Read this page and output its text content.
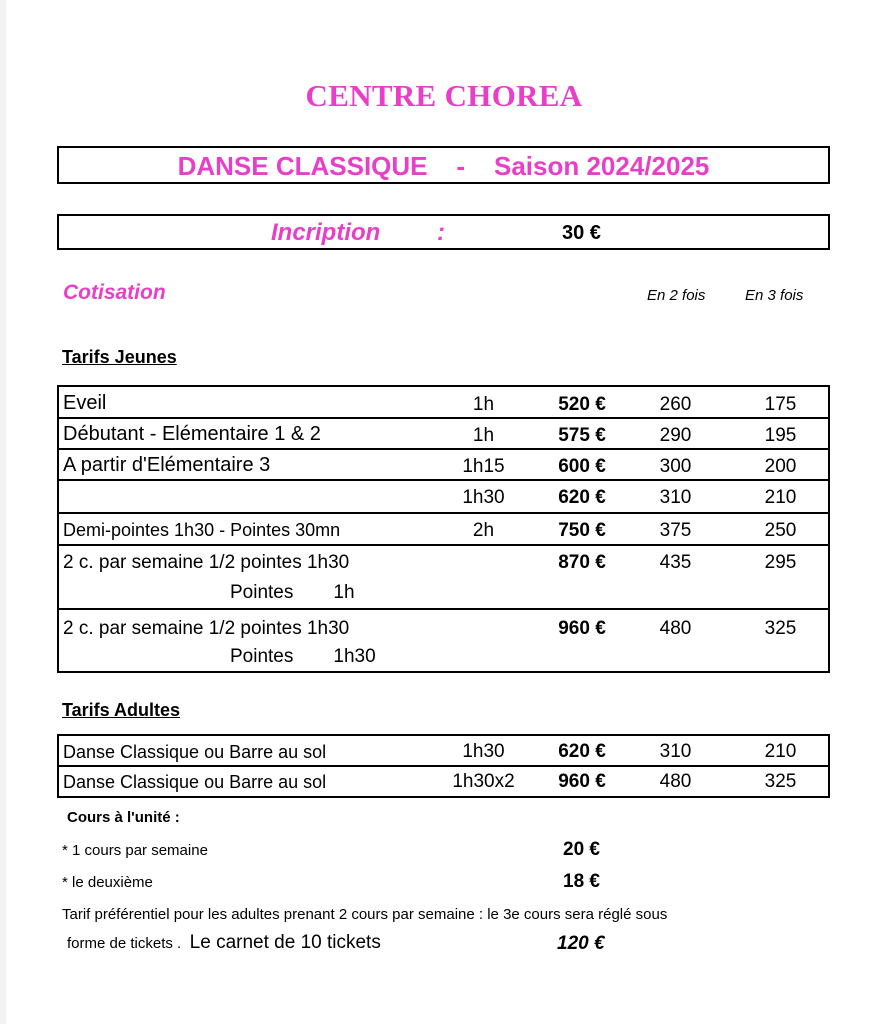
CENTRE CHOREA
DANSE CLASSIQUE - Saison 2024/2025
Incription :	30 €
Cotisation	En 2 fois	En 3 fois
Tarifs Jeunes
Eveil	1h	520 €	260	175
Débutant - Elémentaire 1 & 2	1h	575 €	290	195
A partir d'Elémentaire 3	1h15	600 €	300	200
	1h30	620 €	310	210
Demi-pointes 1h30 - Pointes 30mn	2h	750 €	375	250

2 c. par semaine 1/2 pointes 1h30
Pointes 1h		870 €	435	295

2 c. par semaine 1/2 pointes 1h30
Pointes 1h30		960 €	480	325
Tarifs Adultes
Danse Classique ou Barre au sol	1h30	620 €	310	210
Danse Classique ou Barre au sol	1h30x2	960 €	480	325
Cours à l'unité :
* 1 cours par semaine	20 €
* le deuxième	18 €
Tarif préférentiel pour les adultes prenant 2 cours par semaine : le 3e cours sera réglé sous
forme de tickets . Le carnet de 10 tickets	120 €
